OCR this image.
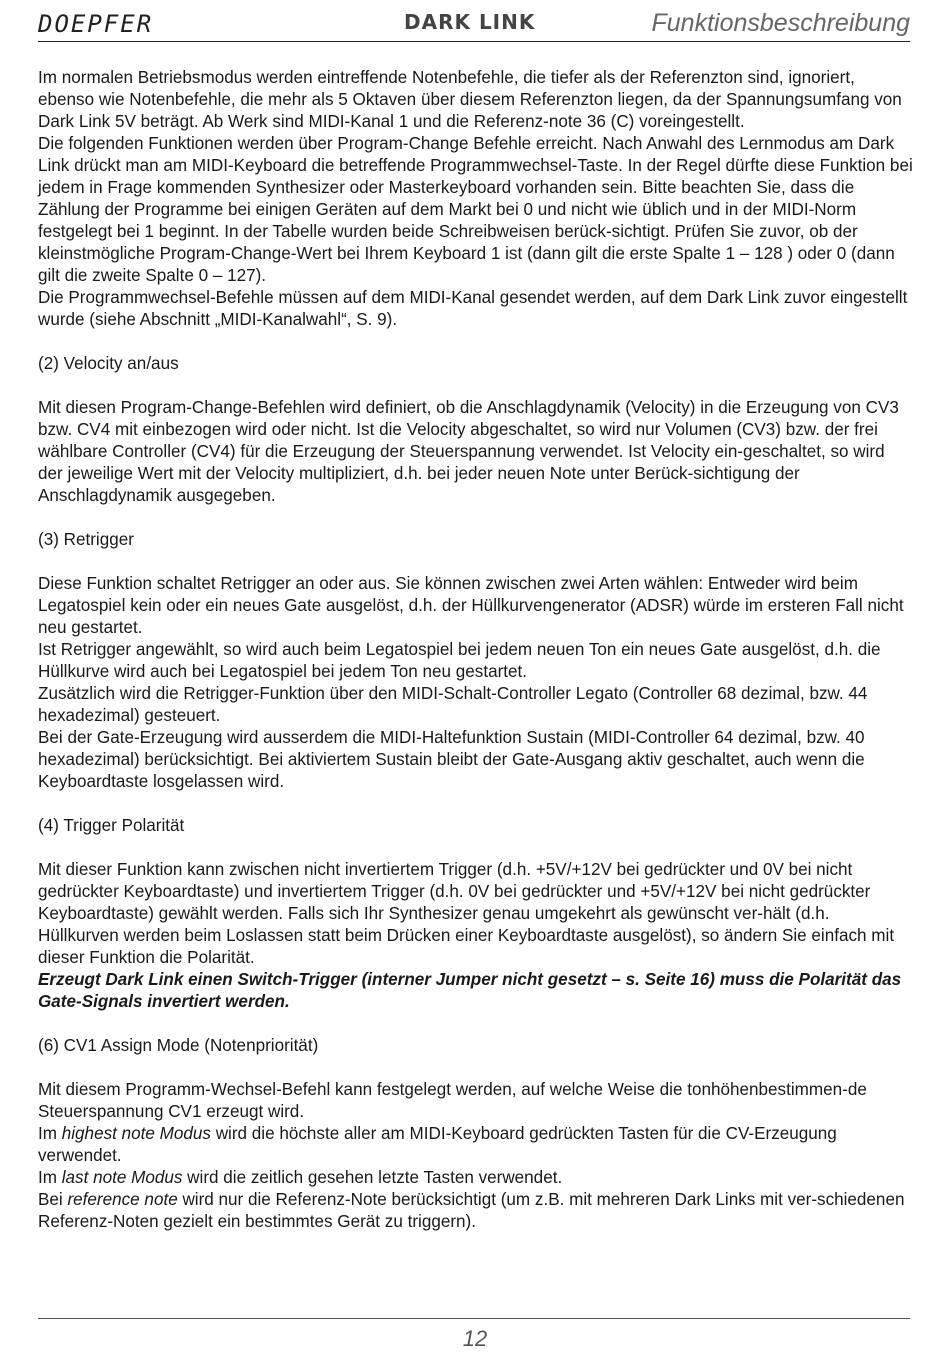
DOEPFER	DARK LINK	Funktionsbeschreibung

Im normalen Betriebsmodus werden eintreffende Notenbefehle, die tiefer als der Referenzton sind, ignoriert, ebenso wie Notenbefehle, die mehr als 5 Oktaven über diesem Referenzton liegen, da der Spannungsumfang von Dark Link 5V beträgt. Ab Werk sind MIDI-Kanal 1 und die Referenz-note 36 (C) voreingestellt.

Die folgenden Funktionen werden über Program-Change Befehle erreicht. Nach Anwahl des Lernmodus am Dark Link drückt man am MIDI-Keyboard die betreffende Programmwechsel-Taste. In der Regel dürfte diese Funktion bei jedem in Frage kommenden Synthesizer oder Masterkeyboard vorhanden sein. Bitte beachten Sie, dass die Zählung der Programme bei einigen Geräten auf dem Markt bei 0 und nicht wie üblich und in der MIDI-Norm festgelegt bei 1 beginnt. In der Tabelle wurden beide Schreibweisen berück-sichtigt. Prüfen Sie zuvor, ob der kleinstmögliche Program-Change-Wert bei Ihrem Keyboard 1 ist (dann gilt die erste Spalte 1 – 128 ) oder 0 (dann gilt die zweite Spalte 0 – 127).

Die Programmwechsel-Befehle müssen auf dem MIDI-Kanal gesendet werden, auf dem Dark Link zuvor eingestellt wurde (siehe Abschnitt „MIDI-Kanalwahl“, S. 9).

(2) Velocity an/aus

Mit diesen Program-Change-Befehlen wird definiert, ob die Anschlagdynamik (Velocity) in die Erzeugung von CV3 bzw. CV4 mit einbezogen wird oder nicht. Ist die Velocity abgeschaltet, so wird nur Volumen (CV3) bzw. der frei wählbare Controller (CV4) für die Erzeugung der Steuerspannung verwendet. Ist Velocity ein-geschaltet, so wird der jeweilige Wert mit der Velocity multipliziert, d.h. bei jeder neuen Note unter Berück-sichtigung der Anschlagdynamik ausgegeben.

(3) Retrigger

Diese Funktion schaltet Retrigger an oder aus. Sie können zwischen zwei Arten wählen: Entweder wird beim Legatospiel kein oder ein neues Gate ausgelöst, d.h. der Hüllkurvengenerator (ADSR) würde im ersteren Fall nicht neu gestartet.

Ist Retrigger angewählt, so wird auch beim Legatospiel bei jedem neuen Ton ein neues Gate ausgelöst, d.h. die Hüllkurve wird auch bei Legatospiel bei jedem Ton neu gestartet.

Zusätzlich wird die Retrigger-Funktion über den MIDI-Schalt-Controller Legato (Controller 68 dezimal, bzw. 44 hexadezimal) gesteuert.

Bei der Gate-Erzeugung wird ausserdem die MIDI-Haltefunktion Sustain (MIDI-Controller 64 dezimal, bzw. 40 hexadezimal) berücksichtigt. Bei aktiviertem Sustain bleibt der Gate-Ausgang aktiv geschaltet, auch wenn die Keyboardtaste losgelassen wird.

(4) Trigger Polarität

Mit dieser Funktion kann zwischen nicht invertiertem Trigger (d.h. +5V/+12V bei gedrückter und 0V bei nicht gedrückter Keyboardtaste) und invertiertem Trigger (d.h. 0V bei gedrückter und +5V/+12V bei nicht gedrückter Keyboardtaste) gewählt werden. Falls sich Ihr Synthesizer genau umgekehrt als gewünscht ver-hält (d.h. Hüllkurven werden beim Loslassen statt beim Drücken einer Keyboardtaste ausgelöst), so ändern Sie einfach mit dieser Funktion die Polarität.

Erzeugt Dark Link einen Switch-Trigger (interner Jumper nicht gesetzt – s. Seite 16) muss die Polarität das Gate-Signals invertiert werden.

(6) CV1 Assign Mode (Notenpriorität)

Mit diesem Programm-Wechsel-Befehl kann festgelegt werden, auf welche Weise die tonhöhenbestimmen-de Steuerspannung CV1 erzeugt wird.

Im highest note Modus wird die höchste aller am MIDI-Keyboard gedrückten Tasten für die CV-Erzeugung verwendet.

Im last note Modus wird die zeitlich gesehen letzte Tasten verwendet.

Bei reference note wird nur die Referenz-Note berücksichtigt (um z.B. mit mehreren Dark Links mit ver-schiedenen Referenz-Noten gezielt ein bestimmtes Gerät zu triggern).

12
